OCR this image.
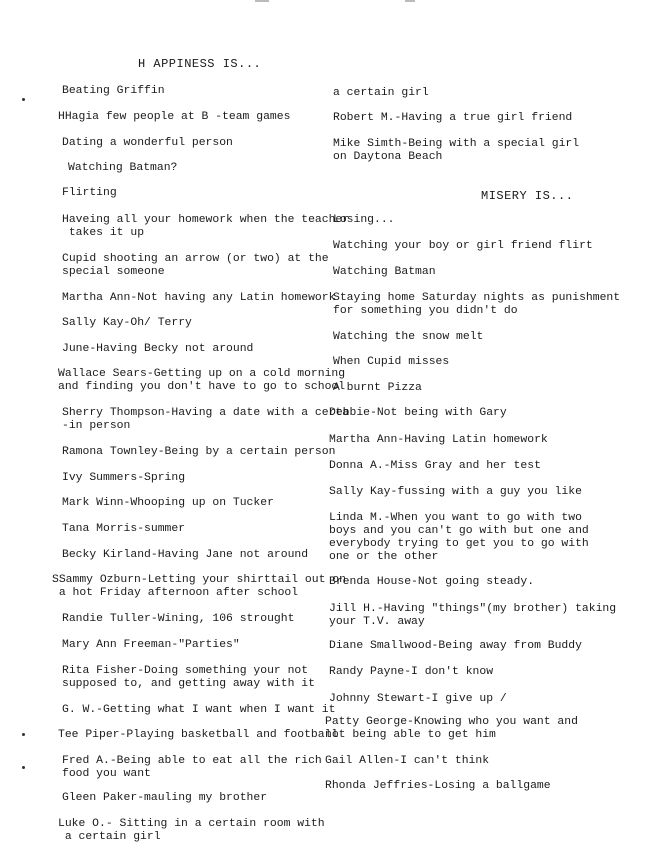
H APPINESS IS...
MISERY IS...
Beating Griffin
HHagia few people at B -team games
Dating a wonderful person
Watching Batman?
Flirting
Haveing all your homework when the teacher
takes it up
Cupid shooting an arrow (or two) at the
special someone
Martha Ann-Not having any Latin homework
Sally Kay-Oh/ Terry
June-Having Becky not around
Wallace Sears-Getting up on a cold morning
and finding you don't have to go to school
Sherry Thompson-Having a date with a certa
-in person
Ramona Townley-Being by a certain person
Ivy Summers-Spring
Mark Winn-Whooping up on Tucker
Tana Morris-summer
Becky Kirland-Having Jane not around
SSammy Ozburn-Letting your shirttail out on
a hot Friday afternoon after school
Randie Tuller-Wining, 106 strought
Mary Ann Freeman-"Parties"
Rita Fisher-Doing something your not
supposed to, and getting away with it
G. W.-Getting what I want when I want it
Tee Piper-Playing basketball and football
Fred A.-Being able to eat all the rich
food you want
Gleen Paker-mauling my brother
Luke O.- Sitting in a certain room with
a certain girl
a certain girl
Robert M.-Having a true girl friend
Mike Simth-Being with a special girl
on Daytona Beach
Losing...
Watching your boy or girl friend flirt
Watching Batman
Staying home Saturday nights as punishment
for something you didn't do
Watching the snow melt
When Cupid misses
A burnt Pizza
Debbie-Not being with Gary
Martha Ann-Having Latin homework
Donna A.-Miss Gray and her test
Sally Kay-fussing with a guy you like
Linda M.-When you want to go with two
boys and you can't go with but one and
everybody trying to get you to go with
one or the other
Brenda House-Not going steady.
Jill H.-Having "things"(my brother) taking
your T.V. away
Diane Smallwood-Being away from Buddy
Randy Payne-I don't know
Johnny Stewart-I give up /
Patty George-Knowing who you want and
not being able to get him
Gail Allen-I can't think
Rhonda Jeffries-Losing a ballgame
